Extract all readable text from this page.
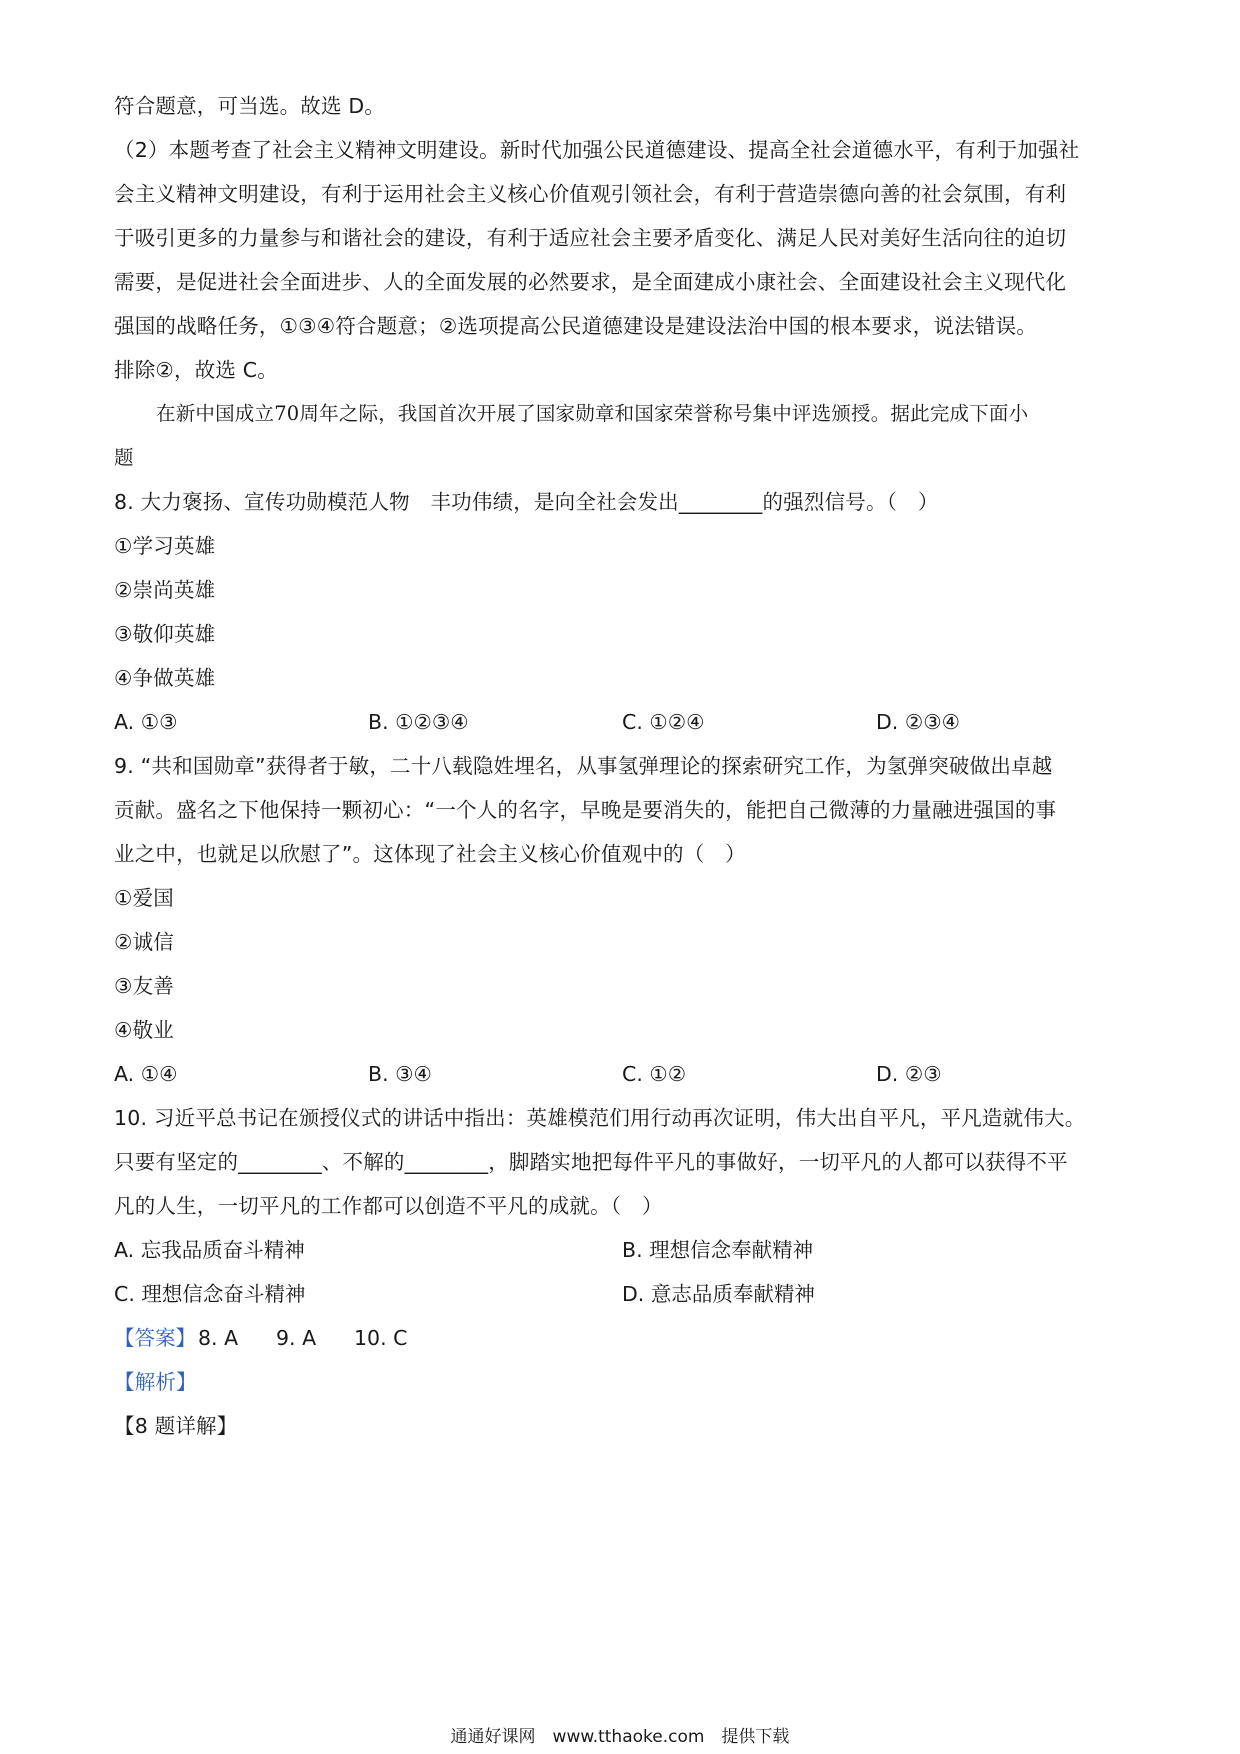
符合题意，可当选。故选 D。
（2）本题考查了社会主义精神文明建设。新时代加强公民道德建设、提高全社会道德水平，有利于加强社
会主义精神文明建设，有利于运用社会主义核心价值观引领社会，有利于营造崇德向善的社会氛围，有利
于吸引更多的力量参与和谐社会的建设，有利于适应社会主要矛盾变化、满足人民对美好生活向往的迫切
需要，是促进社会全面进步、人的全面发展的必然要求，是全面建成小康社会、全面建设社会主义现代化
强国的战略任务，①③④符合题意；②选项提高公民道德建设是建设法治中国的根本要求，说法错误。
排除②，故选 C。
在新中国成立70周年之际，我国首次开展了国家勋章和国家荣誉称号集中评选颁授。据此完成下面小
题
8. 大力褒扬、宣传功勋模范人物　丰功伟绩，是向全社会发出________的强烈信号。（　）
①学习英雄
②崇尚英雄
③敬仰英雄
④争做英雄
A. ①③	B. ①②③④	C. ①②④	D. ②③④
9. “共和国勋章”获得者于敏，二十八载隐姓埋名，从事氢弹理论的探索研究工作，为氢弹突破做出卓越
贡献。盛名之下他保持一颗初心：“一个人的名字，早晚是要消失的，能把自己微薄的力量融进强国的事
业之中，也就足以欣慰了”。这体现了社会主义核心价值观中的（　）
①爱国
②诚信
③友善
④敬业
A. ①④	B. ③④	C. ①②	D. ②③
10. 习近平总书记在颁授仪式的讲话中指出：英雄模范们用行动再次证明，伟大出自平凡，平凡造就伟大。
只要有坚定的________、不解的________，脚踏实地把每件平凡的事做好，一切平凡的人都可以获得不平
凡的人生，一切平凡的工作都可以创造不平凡的成就。（　）
A. 忘我品质奋斗精神	B. 理想信念奉献精神
C. 理想信念奋斗精神	D. 意志品质奉献精神
【答案】 8. A 9. A 10. C
【解析】
【8 题详解】
通通好课网　www.tthaoke.com　提供下载
